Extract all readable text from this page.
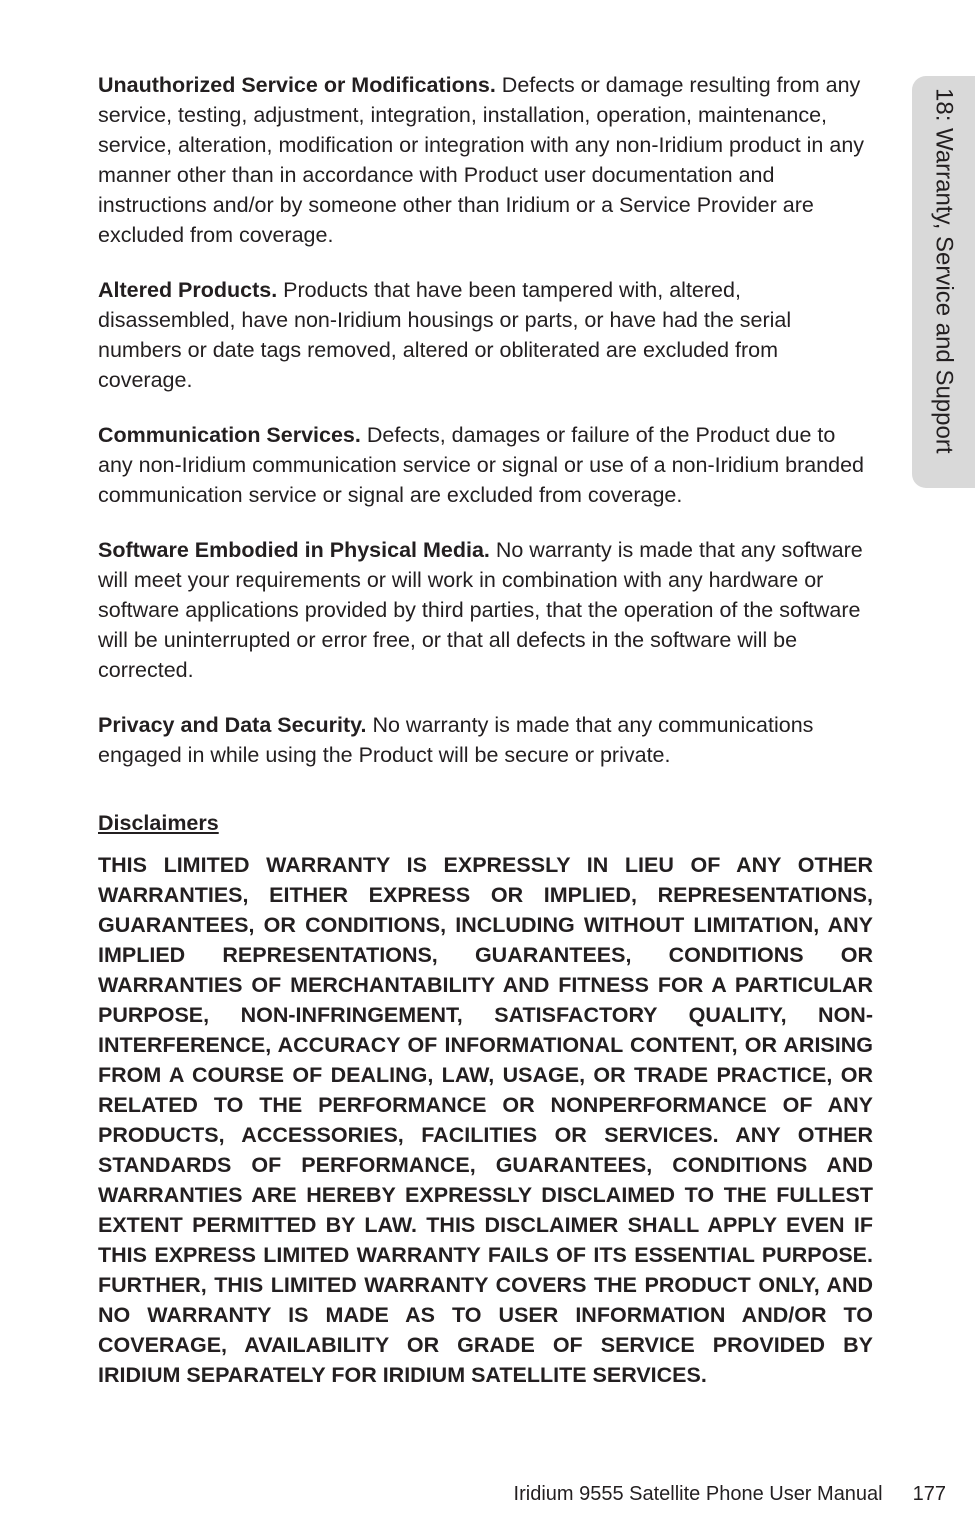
18: Warranty, Service and Support

Unauthorized Service or Modifications. Defects or damage resulting from any service, testing, adjustment, integration, installation, operation, maintenance, service, alteration, modification or integration with any non-Iridium product in any manner other than in accordance with Product user documentation and instructions and/or by someone other than Iridium or a Service Provider are excluded from coverage.

Altered Products. Products that have been tampered with, altered, disassembled, have non-Iridium housings or parts, or have had the serial numbers or date tags removed, altered or obliterated are excluded from coverage.

Communication Services. Defects, damages or failure of the Product due to any non-Iridium communication service or signal or use of a non-Iridium branded communication service or signal are excluded from coverage.

Software Embodied in Physical Media. No warranty is made that any software will meet your requirements or will work in combination with any hardware or software applications provided by third parties, that the operation of the software will be uninterrupted or error free, or that all defects in the software will be corrected.

Privacy and Data Security. No warranty is made that any communications engaged in while using the Product will be secure or private.

Disclaimers

THIS LIMITED WARRANTY IS EXPRESSLY IN LIEU OF ANY OTHER WARRANTIES, EITHER EXPRESS OR IMPLIED, REPRESENTATIONS, GUARANTEES, OR CONDITIONS, INCLUDING WITHOUT LIMITATION, ANY IMPLIED REPRESENTATIONS, GUARANTEES, CONDITIONS OR WARRANTIES OF MERCHANTABILITY AND FITNESS FOR A PARTICULAR PURPOSE, NON-INFRINGEMENT, SATISFACTORY QUALITY, NON-INTERFERENCE, ACCURACY OF INFORMATIONAL CONTENT, OR ARISING FROM A COURSE OF DEALING, LAW, USAGE, OR TRADE PRACTICE, OR RELATED TO THE PERFORMANCE OR NONPERFORMANCE OF ANY PRODUCTS, ACCESSORIES, FACILITIES OR SERVICES. ANY OTHER STANDARDS OF PERFORMANCE, GUARANTEES, CONDITIONS AND WARRANTIES ARE HEREBY EXPRESSLY DISCLAIMED TO THE FULLEST EXTENT PERMITTED BY LAW. THIS DISCLAIMER SHALL APPLY EVEN IF THIS EXPRESS LIMITED WARRANTY FAILS OF ITS ESSENTIAL PURPOSE. FURTHER, THIS LIMITED WARRANTY COVERS THE PRODUCT ONLY, AND NO WARRANTY IS MADE AS TO USER INFORMATION AND/OR TO COVERAGE, AVAILABILITY OR GRADE OF SERVICE PROVIDED BY IRIDIUM SEPARATELY FOR IRIDIUM SATELLITE SERVICES.

Iridium 9555 Satellite Phone User Manual 177
